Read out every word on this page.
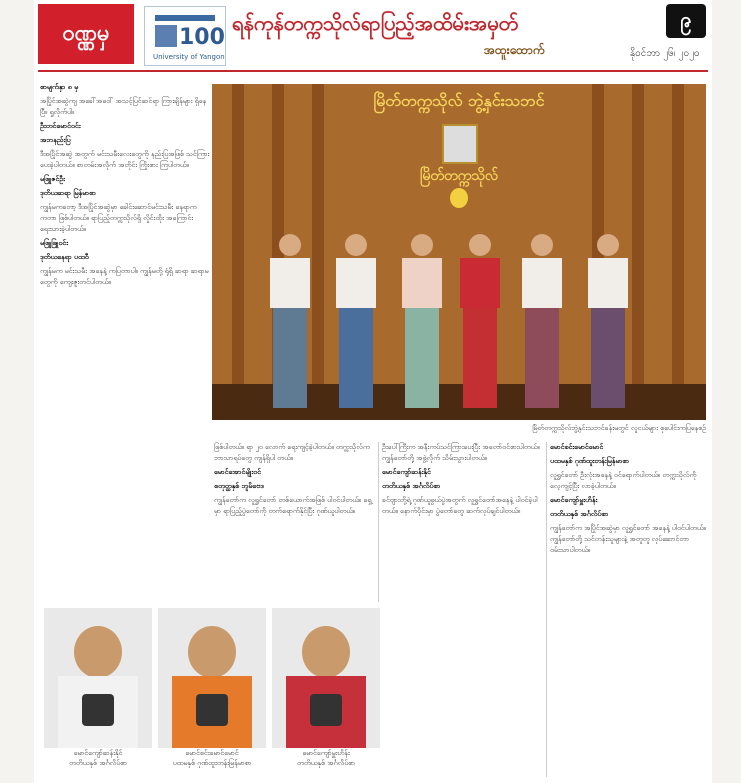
ဝဏ္ဏမှ	100
University of Yangon
ရန်ကုန်တက္ကသိုလ်ရာပြည့်အထိမ်းအမှတ်
အထူးထောက်
၉
နိုဝင်ဘာ ၂၆၊ ၂၀၂၀

စာမျက်နှာ ၈ မှ

အပြိုင်အဆွဲကျ အခေါ်အဝေါ် အသင့်ပြင်ဆင်ရာ ကြားချိန်များ ရှိနေပြီ။ ရှုလိုက်ပါ။

ဦးတင်မောင်ဝင်း

အဘနည်းပြ

ဒီအပြိုင်အဆွဲ အတွက် မင်းသမီးလေးတွေကို နည်းပြအဖြစ် သင်ကြားပေးခဲ့ပါတယ်။ စာတမ်းအလိုက် အတိုင်း ကြိုးစား ကြပါတယ်။

မဖြူဇင်ဦး

ဒုတိယဆရာ မြန်မာစာ

ကျွန်မကတော့ ဒီအပြိုင်အဆွဲမှာ ခေါင်းဆောင်မင်းသမီး နေရာက ကတာ ဖြစ်ပါတယ်။ ရာပြည့်တက္ကသိုလ်ရှိ လှိုင်းထိုး အကြောင်းရေးသားခဲ့ပါတယ်။

မဖြူဖြူဝင်း

ဒုတိယနေရာ ပထဝီ

ကျွန်မက မင်းသမီး အနေနဲ့ ကပြတာပါ။ ကျွန်မတို့ ရုံရှိ ဆရာ ဆရာမတွေကို ကျေးဇူးတင်ပါတယ်။

မြိတ်တက္ကသိုလ် ဘွဲ့နှင်းသဘင်
မြိတ်တက္ကသိုလ်
မြိတ်တက္ကသိုလ်ဘွဲ့နှင်းသဘင်ခန်းမတွင် လူငယ်များ စုပေါင်းကပြနေစဉ်

ဖြစ်ပါတယ်။ ရာ ၂၀ လောက် ရေးကျင့်ခဲ့ပါတယ်။ တက္ကသိုလ်ကဘာသာရပ်တွေ ကျန်ရှိပါ တယ်။

မောင်အောင်မျိုးဝင်

စတုတ္ထနှစ် ဘူမိဗေဒ

ကျွန်တော်က လူရွှင်တော် တစ်ယောက်အဖြစ် ပါဝင်ပါတယ်။ ရှေ့မှာ ရာပြည့်ပွဲတော်ကို တက်ရောက်နိုင်ပြီး ဂုဏ်ယူပါတယ်။

ဦးပေါ်ကြီးက အနီးကပ်သင်ကြားပေးပြီး အတော်ဝင်စားပါတယ်။ ကျွန်တော်တို့ အဖွဲ့လိုက် သိမ်းသွားပါတယ်။

မောင်ကျော်ဆန်းနိုင်

တတိယနှစ် အင်္ဂလိပ်စာ

ခင်ဗျားတို့ရဲ့ ဂုဏ်ယူဖွယ်ပွဲအတွက် လူရွှင်တော်အနေနဲ့ ပါဝင်ခဲ့ပါတယ်။ နောက်ပိုင်းမှာ ပွဲတော်တွေ ဆက်လုပ်ချင်ပါတယ်။

မောင်စင်းမောင်မောင်

ပထမနှစ် ဂုဏ်ထူးတန်းမြန်မာစာ

လူရွှင်တော် ဦးလုံးအနေနဲ့ ဝင်ရောက်ပါတယ်။ တက္ကသိုလ်ကို လေ့ကျင့်ပြီး လာခဲ့ပါတယ်။

မောင်ကျော်မှူးဟိန်း

တတိယနှစ် အင်္ဂလိပ်စာ

ကျွန်တော်က အပြိုင်အဆွဲမှာ လူရွှင်တော် အနေနဲ့ ပါဝင်ပါတယ်။ ကျွန်တော်တို့ သင်တန်းသူများနဲ့ အတူတူ လုပ်ဆောင်တာ ဝမ်းသာပါတယ်။

မောင်ကျော်ဆန်းနိုင်
တတိယနှစ် အင်္ဂလိပ်စာ
မောင်စင်းမောင်မောင်
ပထမနှစ် ဂုဏ်ထူးတန်းမြန်မာစာ
မောင်ကျော်မှူးဟိန်း
တတိယနှစ် အင်္ဂလိပ်စာ
